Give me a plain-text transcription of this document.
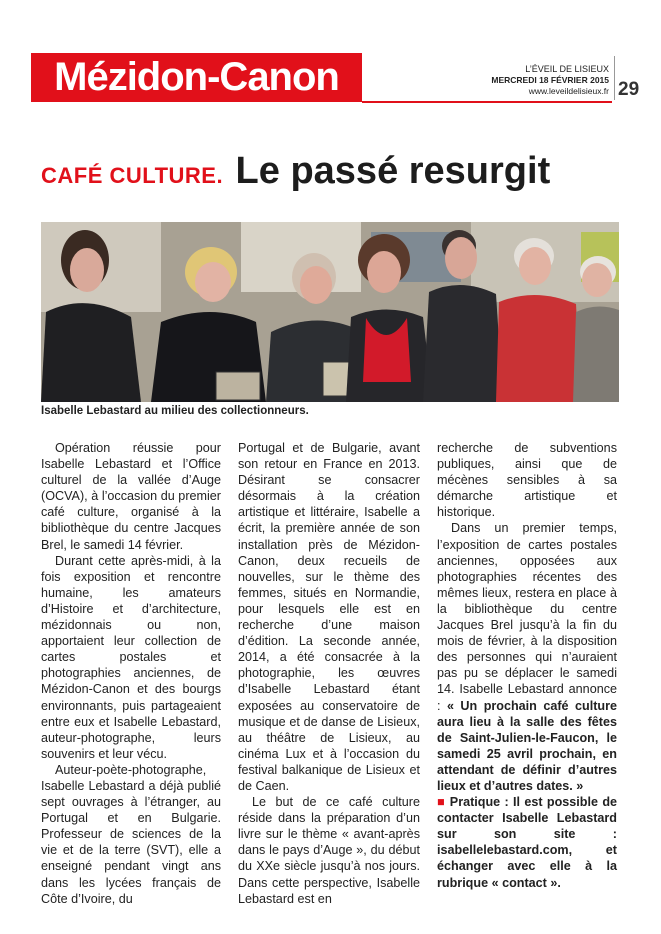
Mézidon-Canon	L’ÉVEIL DE LISIEUX
MERCREDI 18 FÉVRIER 2015
www.leveildelisieux.fr 29
CAFÉ CULTURE. Le passé resurgit
Isabelle Lebastard au milieu des collectionneurs.

Opération réussie pour Isabelle Lebastard et l’Office culturel de la vallée d’Auge (OCVA), à l’occasion du premier café culture, organisé à la bibliothèque du centre Jacques Brel, le samedi 14 février.

Durant cette après-midi, à la fois exposition et rencontre humaine, les amateurs d’Histoire et d’architecture, mézidonnais ou non, apportaient leur collection de cartes postales et photographies anciennes, de Mézidon-Canon et des bourgs environnants, puis partageaient entre eux et Isabelle Lebastard, auteur-photographe, leurs souvenirs et leur vécu.

Auteur-poète-photographe, Isabelle Lebastard a déjà publié sept ouvrages à l’étranger, au Portugal et en Bulgarie. Professeur de sciences de la vie et de la terre (SVT), elle a enseigné pendant vingt ans dans les lycées français de Côte d’Ivoire, du

Portugal et de Bulgarie, avant son retour en France en 2013. Désirant se consacrer désormais à la création artistique et littéraire, Isabelle a écrit, la première année de son installation près de Mézidon-Canon, deux recueils de nouvelles, sur le thème des femmes, situés en Normandie, pour lesquels elle est en recherche d’une maison d’édition. La seconde année, 2014, a été consacrée à la photographie, les œuvres d’Isabelle Lebastard étant exposées au conservatoire de musique et de danse de Lisieux, au théâtre de Lisieux, au cinéma Lux et à l’occasion du festival balkanique de Lisieux et de Caen.

Le but de ce café culture réside dans la préparation d’un livre sur le thème « avant-après dans le pays d’Auge », du début du XXe siècle jusqu’à nos jours. Dans cette perspective, Isabelle Lebastard est en

recherche de subventions publiques, ainsi que de mécènes sensibles à sa démarche artistique et historique.

Dans un premier temps, l’exposition de cartes postales anciennes, opposées aux photographies récentes des mêmes lieux, restera en place à la bibliothèque du centre Jacques Brel jusqu’à la fin du mois de février, à la disposition des personnes qui n’auraient pas pu se déplacer le samedi 14. Isabelle Lebastard annonce : « Un prochain café culture aura lieu à la salle des fêtes de Saint-Julien-le-Faucon, le samedi 25 avril prochain, en attendant de définir d’autres lieux et d’autres dates. »

■ Pratique : Il est possible de contacter Isabelle Lebastard sur son site : isabellelebastard.com, et échanger avec elle à la rubrique « contact ».
